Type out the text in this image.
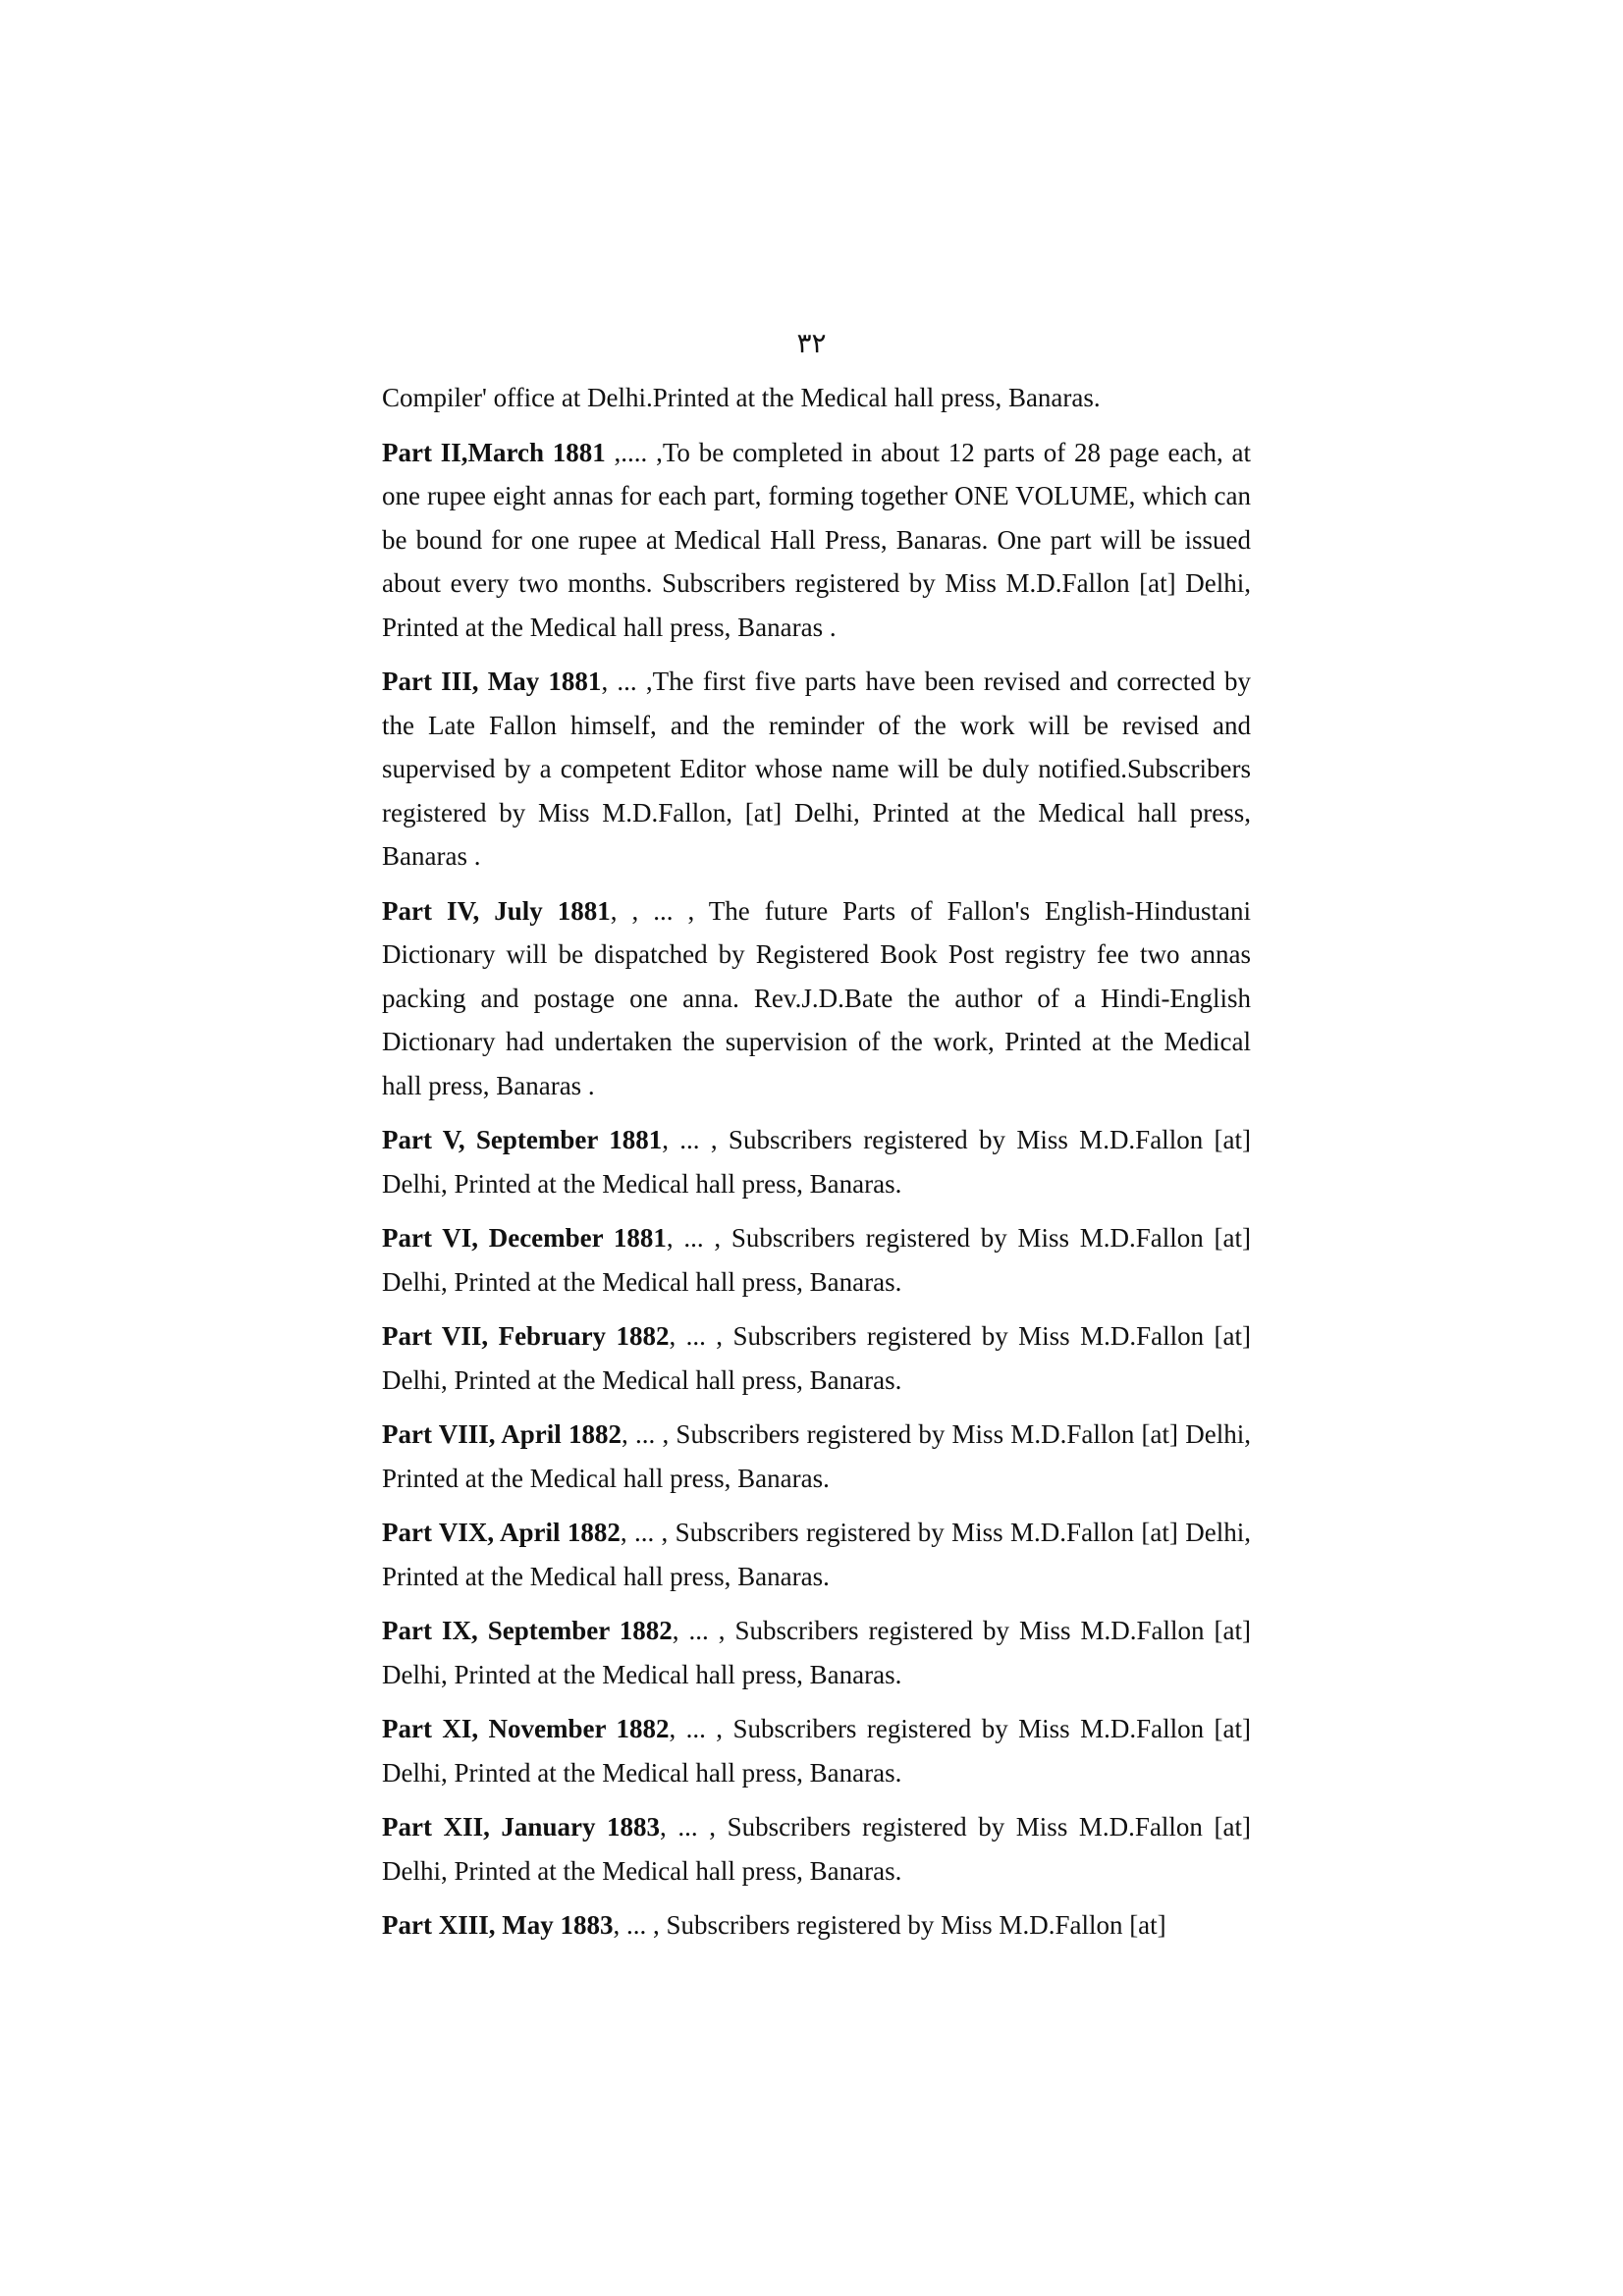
٣٢

Compiler' office at Delhi.Printed at the Medical hall press, Banaras.

Part II,March 1881 ,.... ,To be completed in about 12 parts of 28 page each, at one rupee eight annas for each part, forming together ONE VOLUME, which can be bound for one rupee at Medical Hall Press, Banaras. One part will be issued about every two months. Subscribers registered by Miss M.D.Fallon [at] Delhi, Printed at the Medical hall press, Banaras .

Part III, May 1881, ... ,The first five parts have been revised and corrected by the Late Fallon himself, and the reminder of the work will be revised and supervised by a competent Editor whose name will be duly notified.Subscribers registered by Miss M.D.Fallon, [at] Delhi, Printed at the Medical hall press, Banaras .

Part IV, July 1881, , ... , The future Parts of Fallon's English-Hindustani Dictionary will be dispatched by Registered Book Post registry fee two annas packing and postage one anna. Rev.J.D.Bate the author of a Hindi-English Dictionary had undertaken the supervision of the work, Printed at the Medical hall press, Banaras .

Part V, September 1881, ... , Subscribers registered by Miss M.D.Fallon [at] Delhi, Printed at the Medical hall press, Banaras.

Part VI, December 1881, ... , Subscribers registered by Miss M.D.Fallon [at] Delhi, Printed at the Medical hall press, Banaras.

Part VII, February 1882, ... , Subscribers registered by Miss M.D.Fallon [at] Delhi, Printed at the Medical hall press, Banaras.

Part VIII, April 1882, ... , Subscribers registered by Miss M.D.Fallon [at] Delhi, Printed at the Medical hall press, Banaras.

Part VIX, April 1882, ... , Subscribers registered by Miss M.D.Fallon [at] Delhi, Printed at the Medical hall press, Banaras.

Part IX, September 1882, ... , Subscribers registered by Miss M.D.Fallon [at] Delhi, Printed at the Medical hall press, Banaras.

Part XI, November 1882, ... , Subscribers registered by Miss M.D.Fallon [at] Delhi, Printed at the Medical hall press, Banaras.

Part XII, January 1883, ... , Subscribers registered by Miss M.D.Fallon [at] Delhi, Printed at the Medical hall press, Banaras.

Part XIII, May 1883, ... , Subscribers registered by Miss M.D.Fallon [at]
